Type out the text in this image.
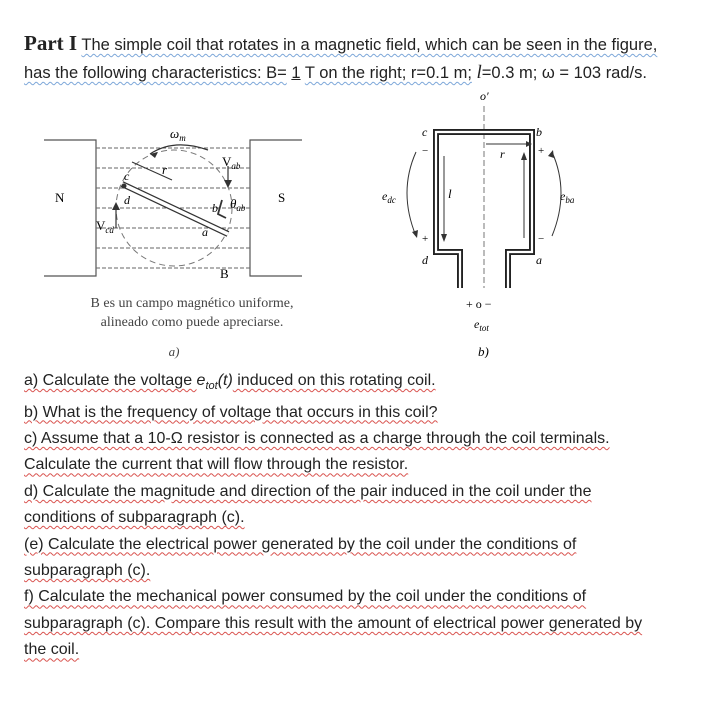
Part I The simple coil that rotates in a magnetic field, which can be seen in the figure,
has the following characteristics: B= 1 T on the right; r=0.1 m; l=0.3 m; ω = 103 rad/s.
N	S
$\omega_m$
r
c
d
b
a
$V_{ab}$
$\theta_{ab}$
$V_{cd}$
B
B es un campo magnético uniforme,
alineado como puede apreciarse.
a)
o′
r
c	b
d	a
l
−
+
$e_{dc}$
+
−
$e_{ba}$
+ o −
$e_{tot}$
b)
a) Calculate the voltage $e_{tot}(t)$ induced on this rotating coil.
b) What is the frequency of voltage that occurs in this coil?
c) Assume that a 10-Ω resistor is connected as a charge through the coil terminals.
Calculate the current that will flow through the resistor.
d) Calculate the magnitude and direction of the pair induced in the coil under the
conditions of subparagraph (c).
(e) Calculate the electrical power generated by the coil under the conditions of
subparagraph (c).
f) Calculate the mechanical power consumed by the coil under the conditions of
subparagraph (c). Compare this result with the amount of electrical power generated by
the coil.
